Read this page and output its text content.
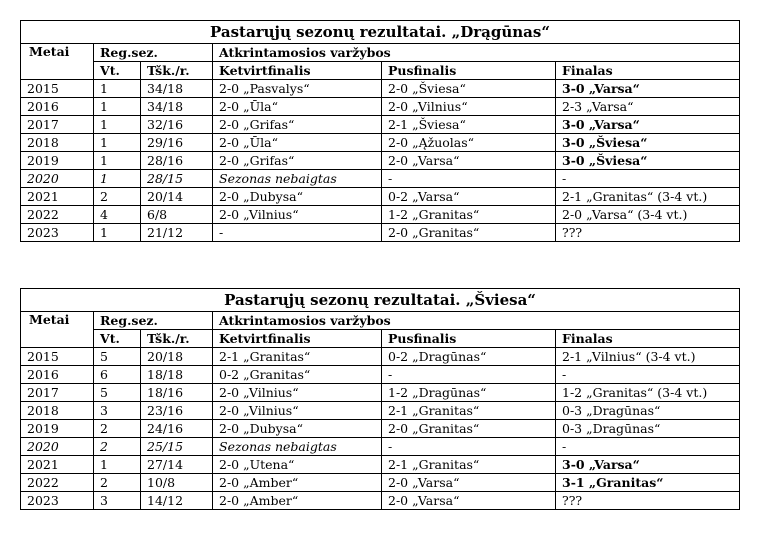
Pastarųjų sezonų rezultatai. „Drągūnas“					
Metai	Reg.sez.		Atkrintamosios varžybos		
	Vt.	Tšk./r.	Ketvirtfinalis	Pusfinalis	Finalas
2015	1	34/18	2-0 „Pasvalys“	2-0 „Šviesa“	3-0 „Varsa“
2016	1	34/18	2-0 „Ūla“	2-0 „Vilnius“	2-3 „Varsa“
2017	1	32/16	2-0 „Grifas“	2-1 „Šviesa“	3-0 „Varsa“
2018	1	29/16	2-0 „Ūla“	2-0 „Ąžuolas“	3-0 „Šviesa“
2019	1	28/16	2-0 „Grifas“	2-0 „Varsa“	3-0 „Šviesa“
2020	1	28/15	Sezonas nebaigtas	-	-
2021	2	20/14	2-0 „Dubysa“	0-2 „Varsa“	2-1 „Granitas“ (3-4 vt.)
2022	4	6/8	2-0 „Vilnius“	1-2 „Granitas“	2-0 „Varsa“ (3-4 vt.)
2023	1	21/12	-	2-0 „Granitas“	???
Pastarųjų sezonų rezultatai. „Šviesa“					
Metai	Reg.sez.		Atkrintamosios varžybos		
	Vt.	Tšk./r.	Ketvirtfinalis	Pusfinalis	Finalas
2015	5	20/18	2-1 „Granitas“	0-2 „Dragūnas“	2-1 „Vilnius“ (3-4 vt.)
2016	6	18/18	0-2 „Granitas“	-	-
2017	5	18/16	2-0 „Vilnius“	1-2 „Dragūnas“	1-2 „Granitas“ (3-4 vt.)
2018	3	23/16	2-0 „Vilnius“	2-1 „Granitas“	0-3 „Dragūnas“
2019	2	24/16	2-0 „Dubysa“	2-0 „Granitas“	0-3 „Dragūnas“
2020	2	25/15	Sezonas nebaigtas	-	-
2021	1	27/14	2-0 „Utena“	2-1 „Granitas“	3-0 „Varsa“
2022	2	10/8	2-0 „Amber“	2-0 „Varsa“	3-1 „Granitas“
2023	3	14/12	2-0 „Amber“	2-0 „Varsa“	???
